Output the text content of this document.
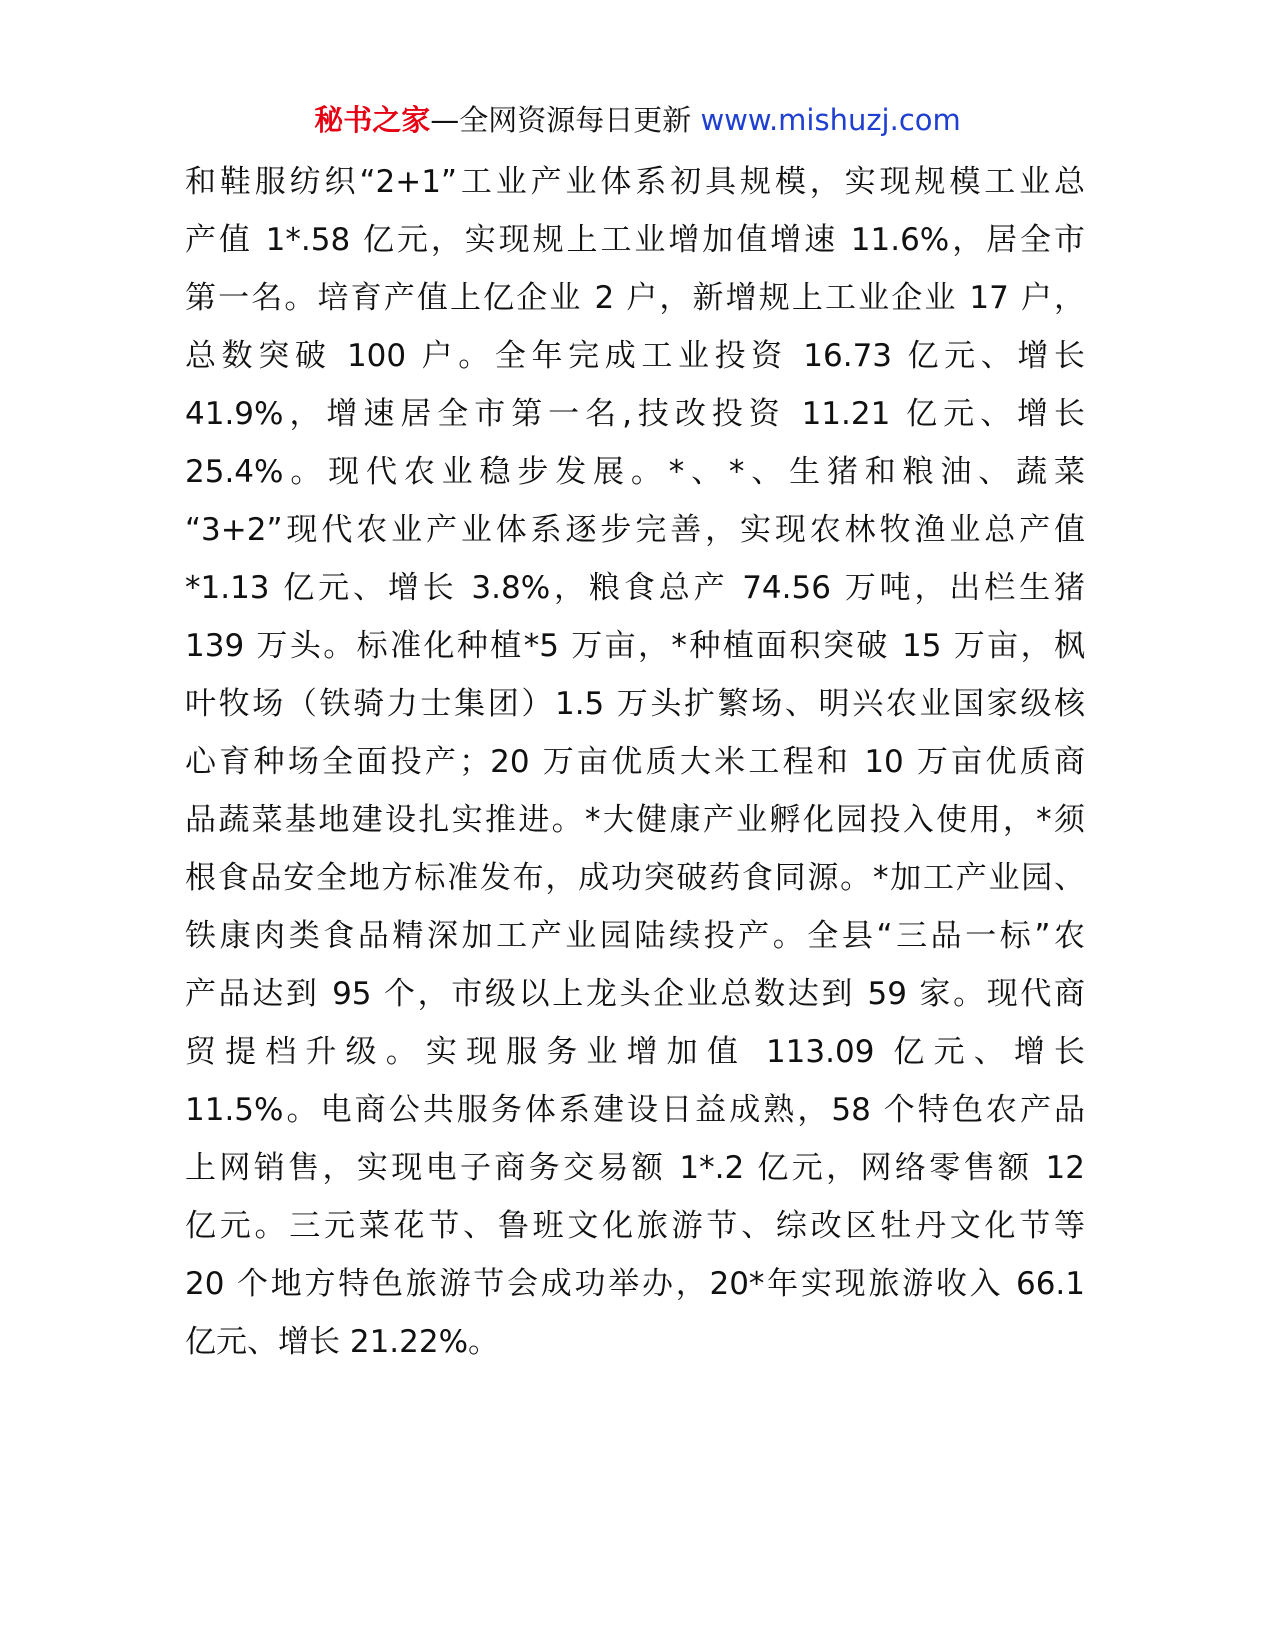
秘书之家—全网资源每日更新 www.mishuzj.com
和鞋服纺织“2+1”工业产业体系初具规模，实现规模工业总
产值 1*.58 亿元，实现规上工业增加值增速 11.6%，居全市
第一名。培育产值上亿企业 2 户，新增规上工业企业 17 户，
总数突破 100 户。全年完成工业投资 16.73 亿元、增长
41.9%，增速居全市第一名,技改投资 11.21 亿元、增长
25.4%。现代农业稳步发展。*、*、生猪和粮油、蔬菜
“3+2”现代农业产业体系逐步完善，实现农林牧渔业总产值
*1.13 亿元、增长 3.8%，粮食总产 74.56 万吨，出栏生猪
139 万头。标准化种植*5 万亩，*种植面积突破 15 万亩，枫
叶牧场（铁骑力士集团）1.5 万头扩繁场、明兴农业国家级核
心育种场全面投产；20 万亩优质大米工程和 10 万亩优质商
品蔬菜基地建设扎实推进。*大健康产业孵化园投入使用，*须
根食品安全地方标准发布，成功突破药食同源。*加工产业园、
铁康肉类食品精深加工产业园陆续投产。全县“三品一标”农
产品达到 95 个，市级以上龙头企业总数达到 59 家。现代商
贸提档升级。实现服务业增加值 113.09 亿元、增长
11.5%。电商公共服务体系建设日益成熟，58 个特色农产品
上网销售，实现电子商务交易额 1*.2 亿元，网络零售额 12
亿元。三元菜花节、鲁班文化旅游节、综改区牡丹文化节等
20 个地方特色旅游节会成功举办，20*年实现旅游收入 66.1
亿元、增长 21.22%。
